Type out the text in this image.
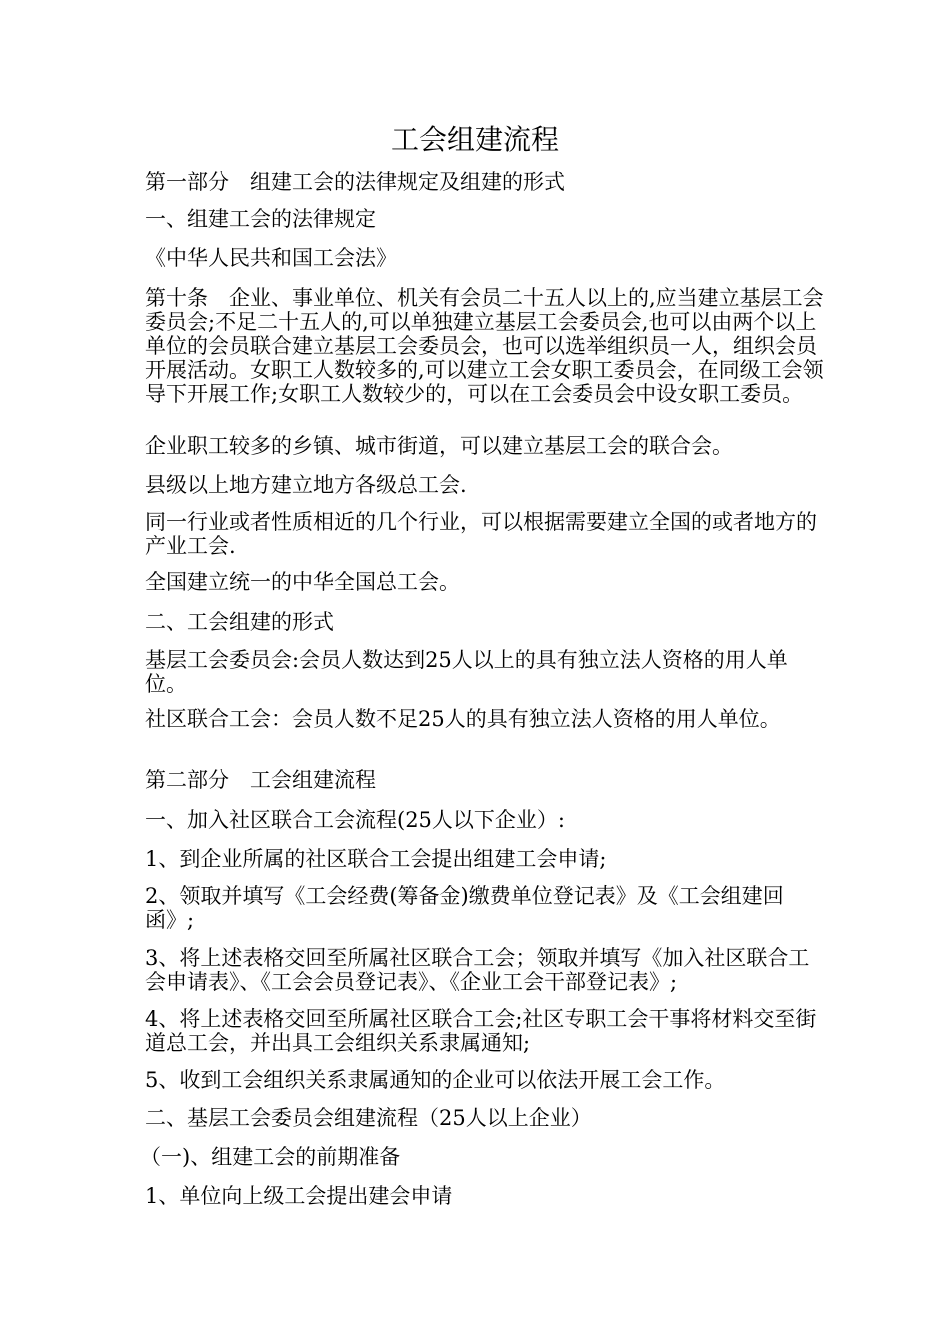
工会组建流程

第一部分　组建工会的法律规定及组建的形式

一、组建工会的法律规定

《中华人民共和国工会法》

第十条　企业、事业单位、机关有会员二十五人以上的,应当建立基层工会委员会;不足二十五人的,可以单独建立基层工会委员会,也可以由两个以上单位的会员联合建立基层工会委员会，也可以选举组织员一人，组织会员开展活动。女职工人数较多的,可以建立工会女职工委员会，在同级工会领导下开展工作;女职工人数较少的，可以在工会委员会中设女职工委员。

企业职工较多的乡镇、城市街道，可以建立基层工会的联合会。

县级以上地方建立地方各级总工会.

同一行业或者性质相近的几个行业，可以根据需要建立全国的或者地方的产业工会.

全国建立统一的中华全国总工会。

二、工会组建的形式

基层工会委员会:会员人数达到25人以上的具有独立法人资格的用人单位。

社区联合工会：会员人数不足25人的具有独立法人资格的用人单位。

第二部分　工会组建流程

一、加入社区联合工会流程(25人以下企业）:

1、到企业所属的社区联合工会提出组建工会申请;

2、领取并填写《工会经费(筹备金)缴费单位登记表》及《工会组建回函》;

3、将上述表格交回至所属社区联合工会；领取并填写《加入社区联合工会申请表》、《工会会员登记表》、《企业工会干部登记表》;

4、将上述表格交回至所属社区联合工会;社区专职工会干事将材料交至街道总工会，并出具工会组织关系隶属通知;

5、收到工会组织关系隶属通知的企业可以依法开展工会工作。

二、基层工会委员会组建流程（25人以上企业）

（一)、组建工会的前期准备

1、单位向上级工会提出建会申请
